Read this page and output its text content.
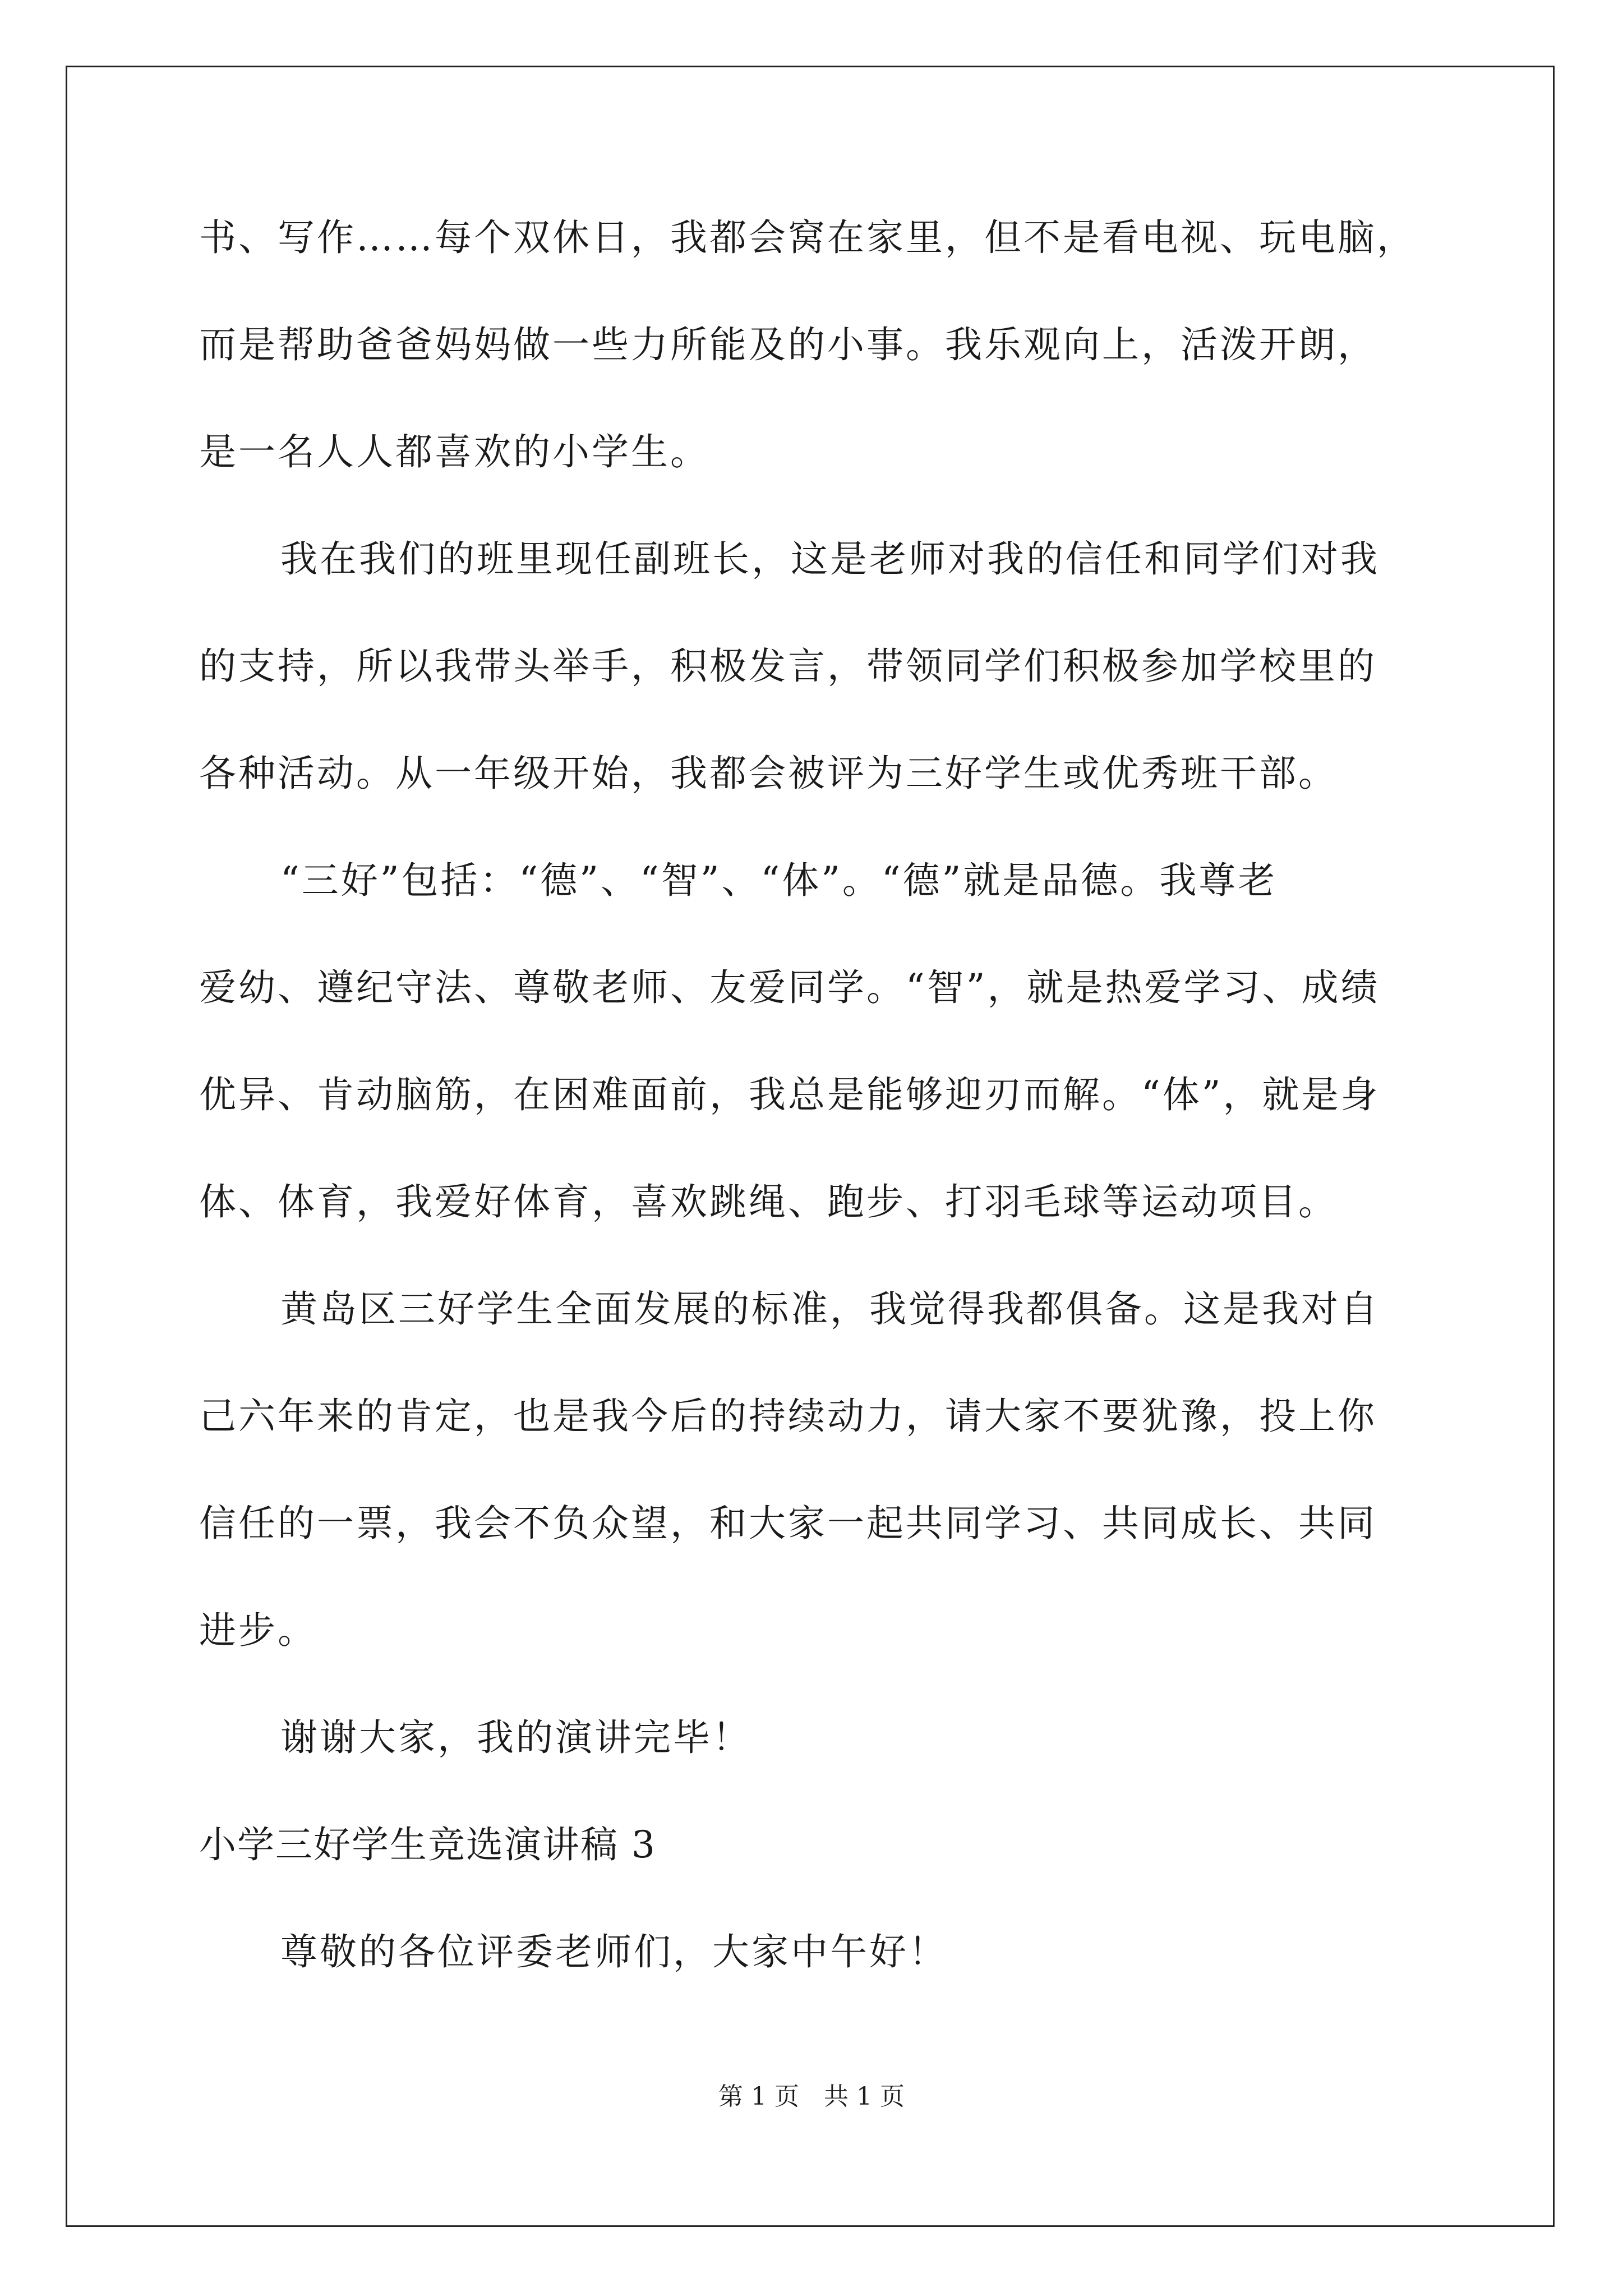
书、写作……每个双休日，我都会窝在家里，但不是看电视、玩电脑，
而是帮助爸爸妈妈做一些力所能及的小事。我乐观向上，活泼开朗，
是一名人人都喜欢的小学生。
我在我们的班里现任副班长，这是老师对我的信任和同学们对我
的支持，所以我带头举手，积极发言，带领同学们积极参加学校里的
各种活动。从一年级开始，我都会被评为三好学生或优秀班干部。
“三好”包括：“德”、“智”、“体”。“德”就是品德。我尊老
爱幼、遵纪守法、尊敬老师、友爱同学。“智”，就是热爱学习、成绩
优异、肯动脑筋，在困难面前，我总是能够迎刃而解。“体”，就是身
体、体育，我爱好体育，喜欢跳绳、跑步、打羽毛球等运动项目。
黄岛区三好学生全面发展的标准，我觉得我都俱备。这是我对自
己六年来的肯定，也是我今后的持续动力，请大家不要犹豫，投上你
信任的一票，我会不负众望，和大家一起共同学习、共同成长、共同
进步。
谢谢大家，我的演讲完毕！
小学三好学生竞选演讲稿 3
尊敬的各位评委老师们，大家中午好！
第 1 页　共 1 页
